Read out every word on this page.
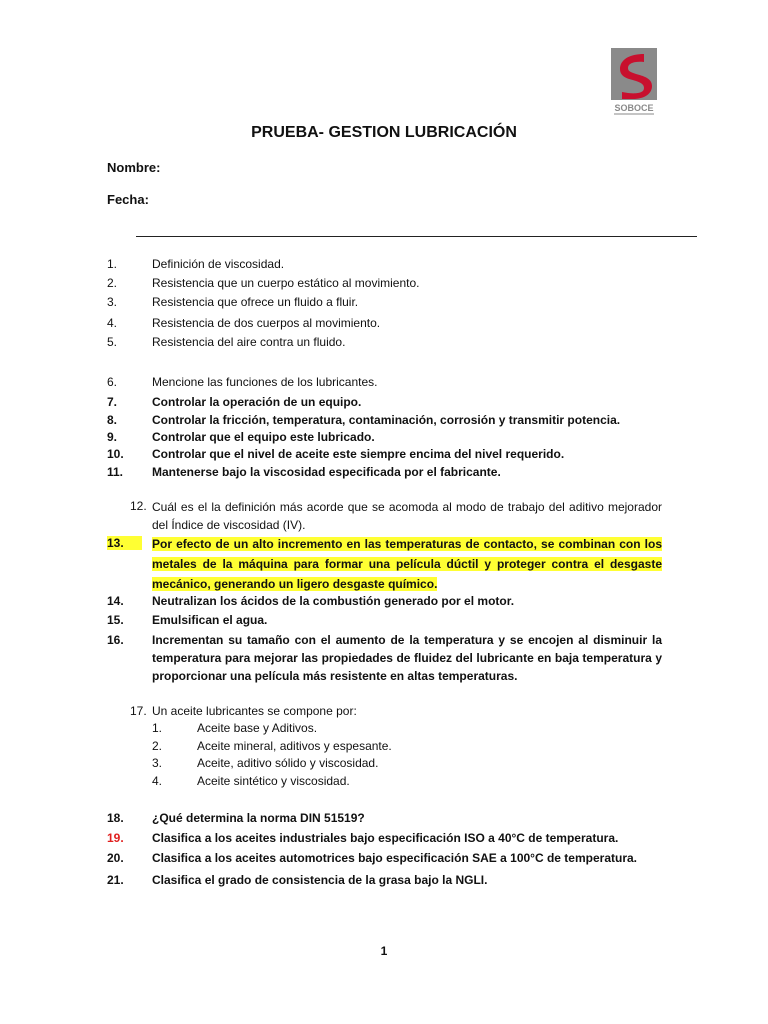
SOBOCE
PRUEBA- GESTION LUBRICACIÓN
Nombre:
Fecha:
1.	Definición de viscosidad.
2.	Resistencia que un cuerpo estático al movimiento.
3.	Resistencia que ofrece un fluido a fluir.
4.	Resistencia de dos cuerpos al movimiento.
5.	Resistencia del aire contra un fluido.
6.	Mencione las funciones de los lubricantes.
7.	Controlar la operación de un equipo.
8.	Controlar la fricción, temperatura, contaminación, corrosión y transmitir potencia.
9.	Controlar que el equipo este lubricado.
10. Controlar que el nivel de aceite este siempre encima del nivel requerido.
11. Mantenerse bajo la viscosidad especificada por el fabricante.
12. Cuál es el la definición más acorde que se acomoda al modo de trabajo del aditivo mejorador del Índice de viscosidad (IV).
13.	Por efecto de un alto incremento en las temperaturas de contacto, se combinan con los metales de la máquina para formar una película dúctil y proteger contra el desgaste mecánico, generando un ligero desgaste químico.
14. Neutralizan los ácidos de la combustión generado por el motor.
15. Emulsifican el agua.
16. Incrementan su tamaño con el aumento de la temperatura y se encojen al disminuir la temperatura para mejorar las propiedades de fluidez del lubricante en baja temperatura y proporcionar una película más resistente en altas temperaturas.
17. Un aceite lubricantes se compone por:
1.	Aceite base y Aditivos.
2.	Aceite mineral, aditivos y espesante.
3.	Aceite, aditivo sólido y viscosidad.
4.	Aceite sintético y viscosidad.
18. ¿Qué determina la norma DIN 51519?
19. Clasifica a los aceites industriales bajo especificación ISO a 40°C de temperatura.
20. Clasifica a los aceites automotrices bajo especificación SAE a 100°C de temperatura.
21. Clasifica el grado de consistencia de la grasa bajo la NGLI.
1
